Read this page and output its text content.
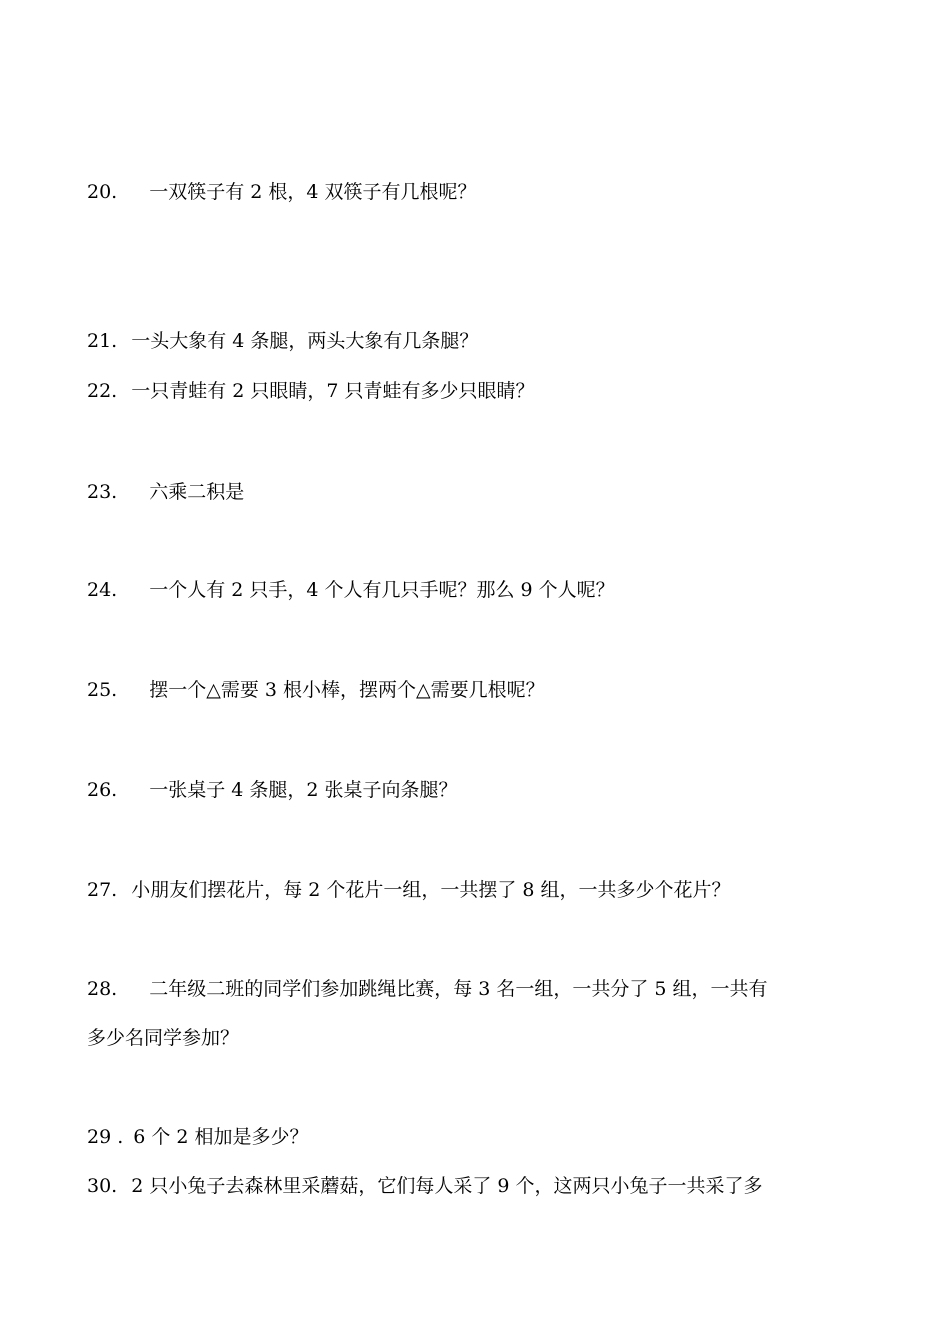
20. 一双筷子有 2 根，4 双筷子有几根呢？
21. 一头大象有 4 条腿，两头大象有几条腿？
22. 一只青蛙有 2 只眼睛，7 只青蛙有多少只眼睛？
23. 六乘二积是
24. 一个人有 2 只手，4 个人有几只手呢？那么 9 个人呢？
25. 摆一个△需要 3 根小棒，摆两个△需要几根呢？
26. 一张桌子 4 条腿，2 张桌子向条腿？
27. 小朋友们摆花片，每 2 个花片一组，一共摆了 8 组，一共多少个花片？
28. 二年级二班的同学们参加跳绳比赛，每 3 名一组，一共分了 5 组，一共有
多少名同学参加？
29 . 6 个 2 相加是多少？
30. 2 只小兔子去森林里采蘑菇，它们每人采了 9 个，这两只小兔子一共采了多
